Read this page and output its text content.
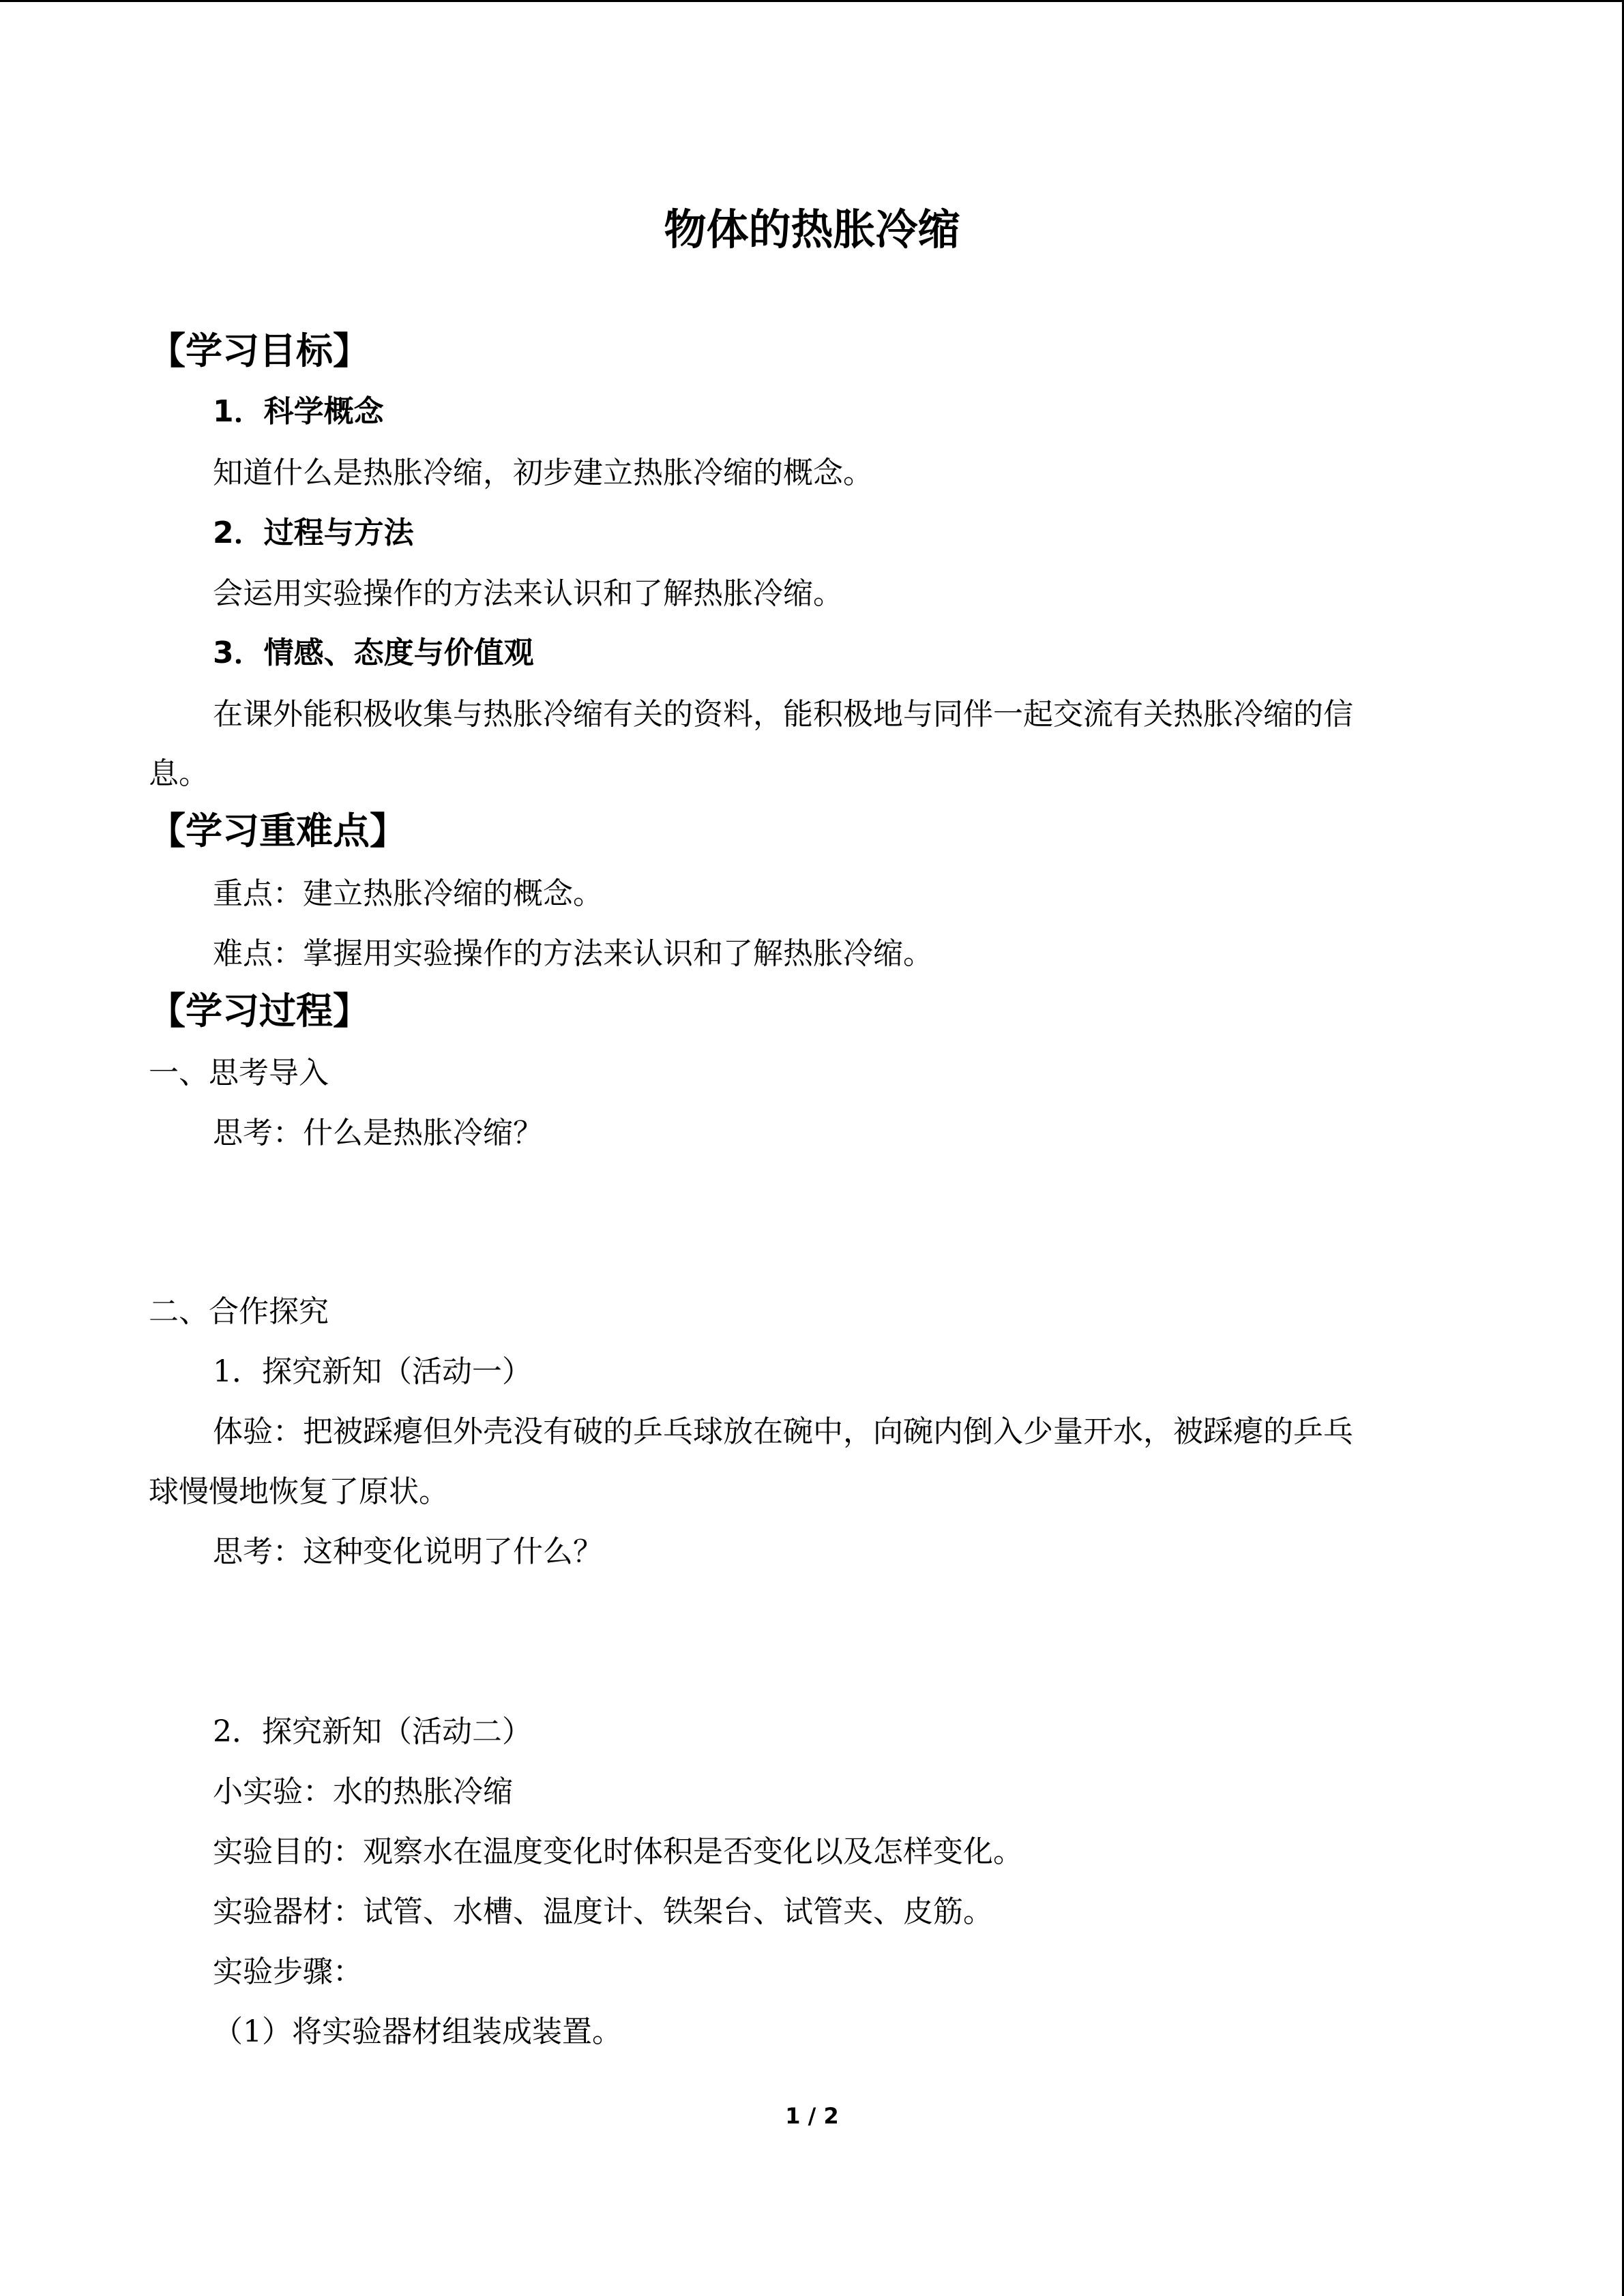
物体的热胀冷缩
【学习目标】
1．科学概念
知道什么是热胀冷缩，初步建立热胀冷缩的概念。
2．过程与方法
会运用实验操作的方法来认识和了解热胀冷缩。
3．情感、态度与价值观
在课外能积极收集与热胀冷缩有关的资料，能积极地与同伴一起交流有关热胀冷缩的信
息。
【学习重难点】
重点：建立热胀冷缩的概念。
难点：掌握用实验操作的方法来认识和了解热胀冷缩。
【学习过程】
一、思考导入
思考：什么是热胀冷缩？
二、合作探究
1．探究新知（活动一）
体验：把被踩瘪但外壳没有破的乒乓球放在碗中，向碗内倒入少量开水，被踩瘪的乒乓
球慢慢地恢复了原状。
思考：这种变化说明了什么？
2．探究新知（活动二）
小实验：水的热胀冷缩
实验目的：观察水在温度变化时体积是否变化以及怎样变化。
实验器材：试管、水槽、温度计、铁架台、试管夹、皮筋。
实验步骤：
（1）将实验器材组装成装置。
1 / 2
